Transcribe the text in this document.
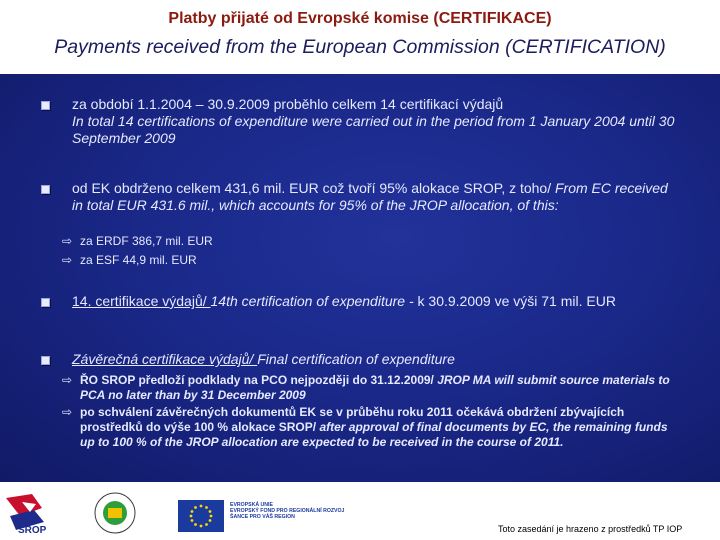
Platby přijaté od Evropské komise (CERTIFIKACE)
Payments received from the European Commission (CERTIFICATION)
za období 1.1.2004 – 30.9.2009 proběhlo celkem 14 certifikací výdajů
In total 14 certifications of expenditure were carried out in the period from 1 January 2004 until 30 September 2009
od EK obdrženo celkem 431,6 mil. EUR což tvoří 95% alokace SROP, z toho/ From EC received in total EUR 431.6 mil., which accounts for 95% of the JROP allocation, of this:
⇨ za ERDF 386,7 mil. EUR
⇨ za ESF 44,9 mil. EUR
14. certifikace výdajů/ 14th certification of expenditure - k 30.9.2009 ve výši 71 mil. EUR
Závěrečná certifikace výdajů/ Final certification of expenditure
⇨ ŘO SROP předloží podklady na PCO nejpozději do 31.12.2009/ JROP MA will submit source materials to PCA no later than by 31 December 2009
⇨ po schválení závěrečných dokumentů EK se v průběhu roku 2011 očekává obdržení zbývajících prostředků do výše 100 % alokace SROP/ after approval of final documents by EC, the remaining funds up to 100 % of the JROP allocation are expected to be received in the course of 2011.
SROP
EVROPSKÁ UNIE
EVROPSKÝ FOND PRO REGIONÁLNÍ ROZVOJ
ŠANCE PRO VÁŠ REGION
Toto zasedání je hrazeno z prostředků TP IOP
